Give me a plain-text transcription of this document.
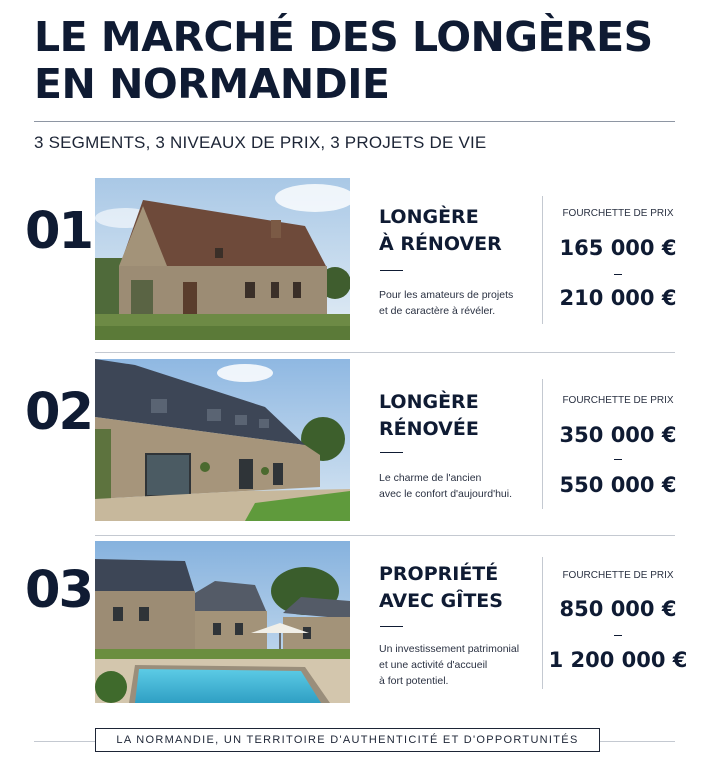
LE MARCHÉ DES LONGÈRES
EN NORMANDIE
3 SEGMENTS, 3 NIVEAUX DE PRIX, 3 PROJETS DE VIE
01	LONGÈRE
À RÉNOVER
Pour les amateurs de projets
et de caractère à révéler.
FOURCHETTE DE PRIX
165 000 €
210 000 €
02	LONGÈRE
RÉNOVÉE
Le charme de l'ancien
avec le confort d'aujourd'hui.
FOURCHETTE DE PRIX
350 000 €
550 000 €
03	PROPRIÉTÉ
AVEC GÎTES
Un investissement patrimonial
et une activité d'accueil
à fort potentiel.
FOURCHETTE DE PRIX
850 000 €
1 200 000 €
LA NORMANDIE, UN TERRITOIRE D'AUTHENTICITÉ ET D'OPPORTUNITÉS
